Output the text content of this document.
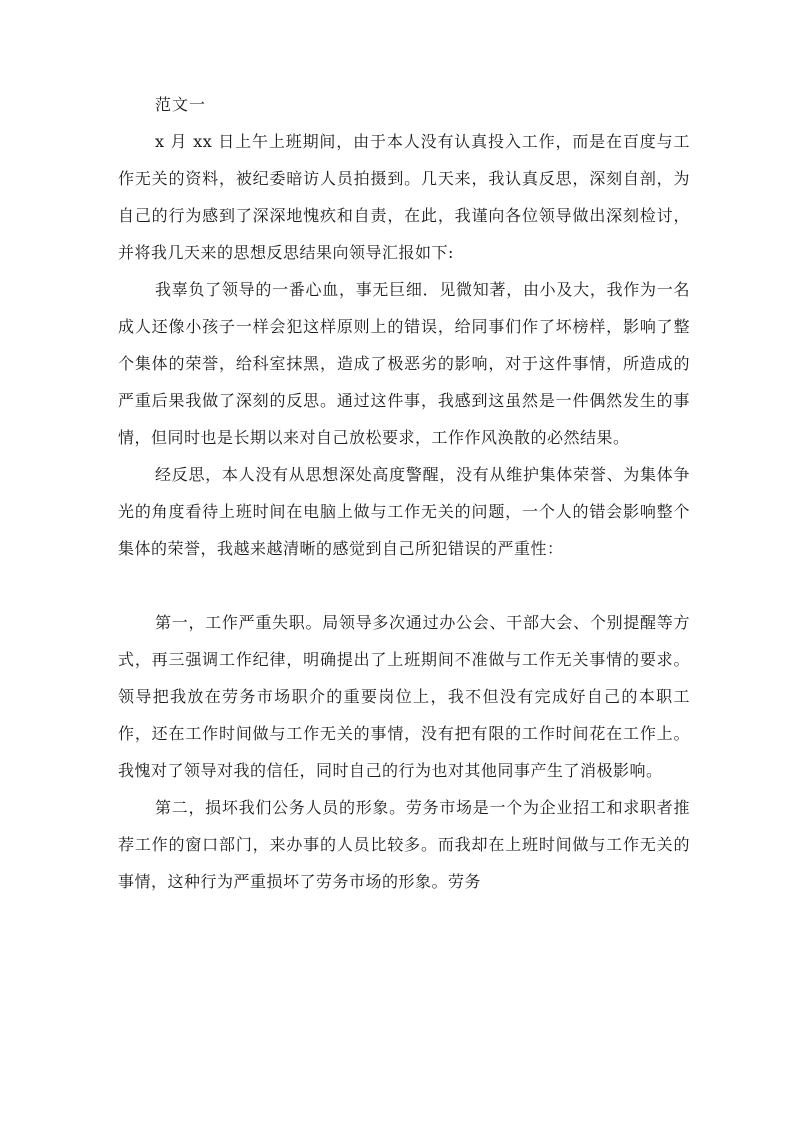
范文一

x 月 xx 日上午上班期间，由于本人没有认真投入工作，而是在百度与工作无关的资料，被纪委暗访人员拍摄到。几天来，我认真反思，深刻自剖，为自己的行为感到了深深地愧疚和自责，在此，我谨向各位领导做出深刻检讨，并将我几天来的思想反思结果向领导汇报如下:

我辜负了领导的一番心血，事无巨细．见微知著，由小及大，我作为一名成人还像小孩子一样会犯这样原则上的错误，给同事们作了坏榜样，影响了整个集体的荣誉，给科室抹黑，造成了极恶劣的影响，对于这件事情，所造成的严重后果我做了深刻的反思。通过这件事，我感到这虽然是一件偶然发生的事情，但同时也是长期以来对自己放松要求，工作作风涣散的必然结果。

经反思，本人没有从思想深处高度警醒，没有从维护集体荣誉、为集体争光的角度看待上班时间在电脑上做与工作无关的问题，一个人的错会影响整个集体的荣誉，我越来越清晰的感觉到自己所犯错误的严重性：

第一，工作严重失职。局领导多次通过办公会、干部大会、个别提醒等方式，再三强调工作纪律，明确提出了上班期间不准做与工作无关事情的要求。领导把我放在劳务市场职介的重要岗位上，我不但没有完成好自己的本职工作，还在工作时间做与工作无关的事情，没有把有限的工作时间花在工作上。我愧对了领导对我的信任，同时自己的行为也对其他同事产生了消极影响。

第二，损坏我们公务人员的形象。劳务市场是一个为企业招工和求职者推荐工作的窗口部门，来办事的人员比较多。而我却在上班时间做与工作无关的事情，这种行为严重损坏了劳务市场的形象。劳务
